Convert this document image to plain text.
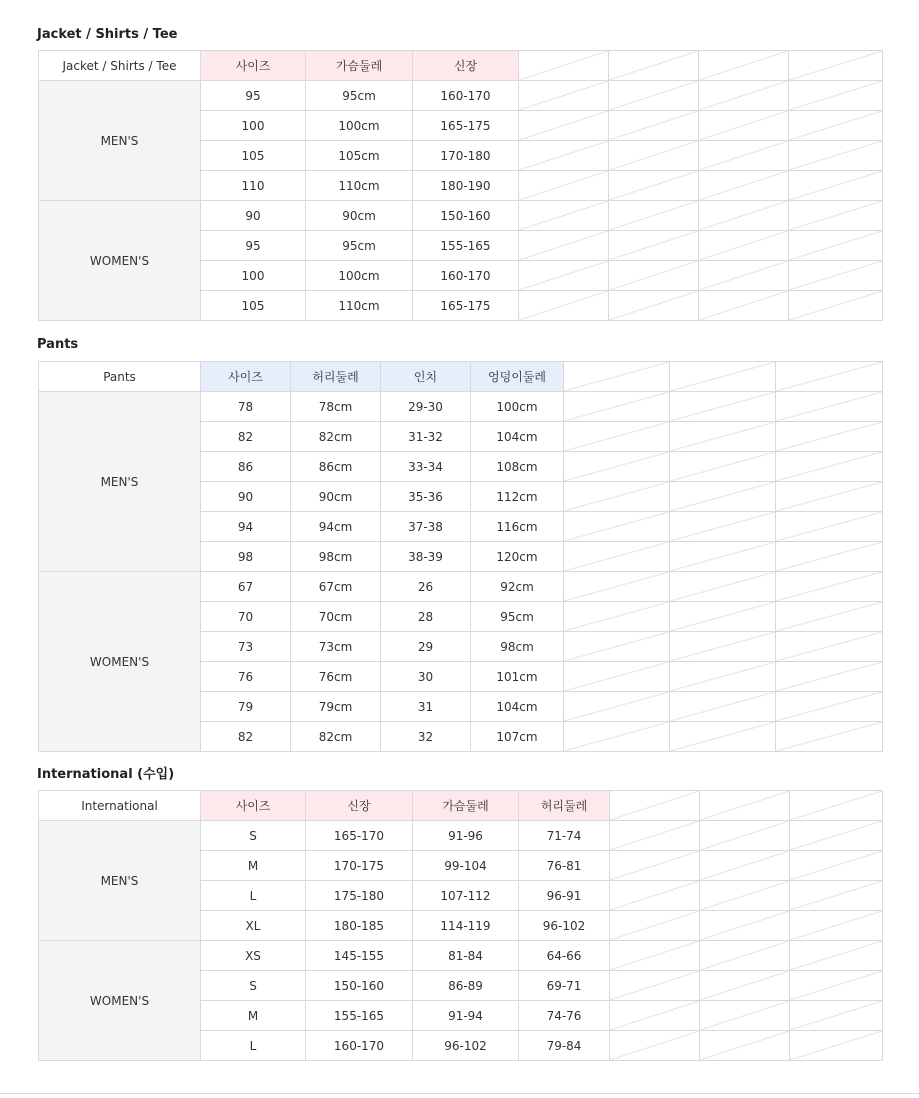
Jacket / Shirts / Tee
Jacket / Shirts / Tee	사이즈	가슴둘레	신장	

MEN'S	95	95cm	160-170	

	100	100cm	165-175	

	105	105cm	170-180	

	110	110cm	180-190	

WOMEN'S	90	90cm	150-160	

	95	95cm	155-165	

	100	100cm	160-170	

	105	110cm	165-175	

Pants
Pants	사이즈	허리둘레	인치	엉덩이둘레	

MEN'S	78	78cm	29-30	100cm	

	82	82cm	31-32	104cm	

	86	86cm	33-34	108cm	

	90	90cm	35-36	112cm	

	94	94cm	37-38	116cm	

	98	98cm	38-39	120cm	

WOMEN'S	67	67cm	26	92cm	

	70	70cm	28	95cm	

	73	73cm	29	98cm	

	76	76cm	30	101cm	

	79	79cm	31	104cm	

	82	82cm	32	107cm	

International (수입)
International	사이즈	신장	가슴둘레	허리둘레	

MEN'S	S	165-170	91-96	71-74	

	M	170-175	99-104	76-81	

	L	175-180	107-112	96-91	

	XL	180-185	114-119	96-102	

WOMEN'S	XS	145-155	81-84	64-66	

	S	150-160	86-89	69-71	

	M	155-165	91-94	74-76	

	L	160-170	96-102	79-84	
